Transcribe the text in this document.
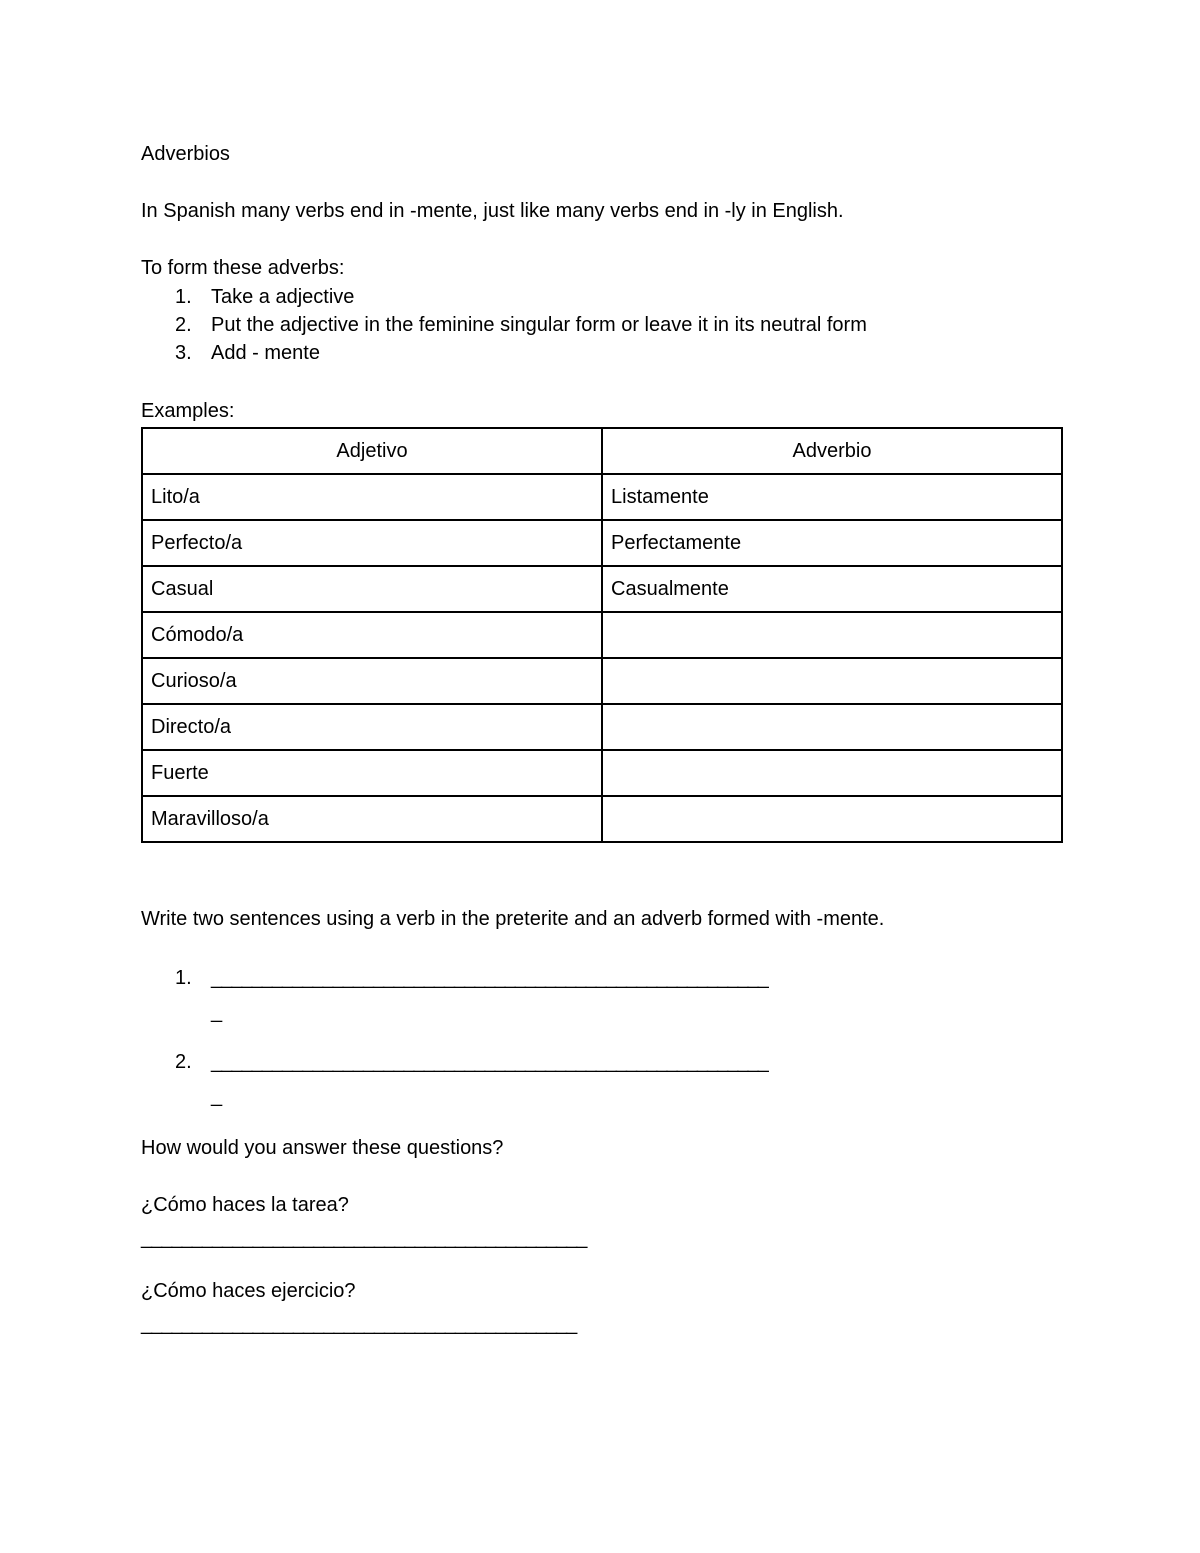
Adverbios
In Spanish many verbs end in -mente, just like many verbs end in -ly in English.
To form these adverbs:
1. Take a adjective
2. Put the adjective in the feminine singular form or leave it in its neutral form
3. Add - mente
Examples:
Adjetivo	Adverbio
Lito/a	Listamente
Perfecto/a	Perfectamente
Casual	Casualmente
Cómodo/a	
Curioso/a	
Directo/a	
Fuerte	
Maravilloso/a	
Write two sentences using a verb in the preterite and an adverb formed with -mente.
1. _______________________________________________________
_
2. _______________________________________________________
_
How would you answer these questions?
¿Cómo haces la tarea?
____________________________________________
¿Cómo haces ejercicio?
___________________________________________
